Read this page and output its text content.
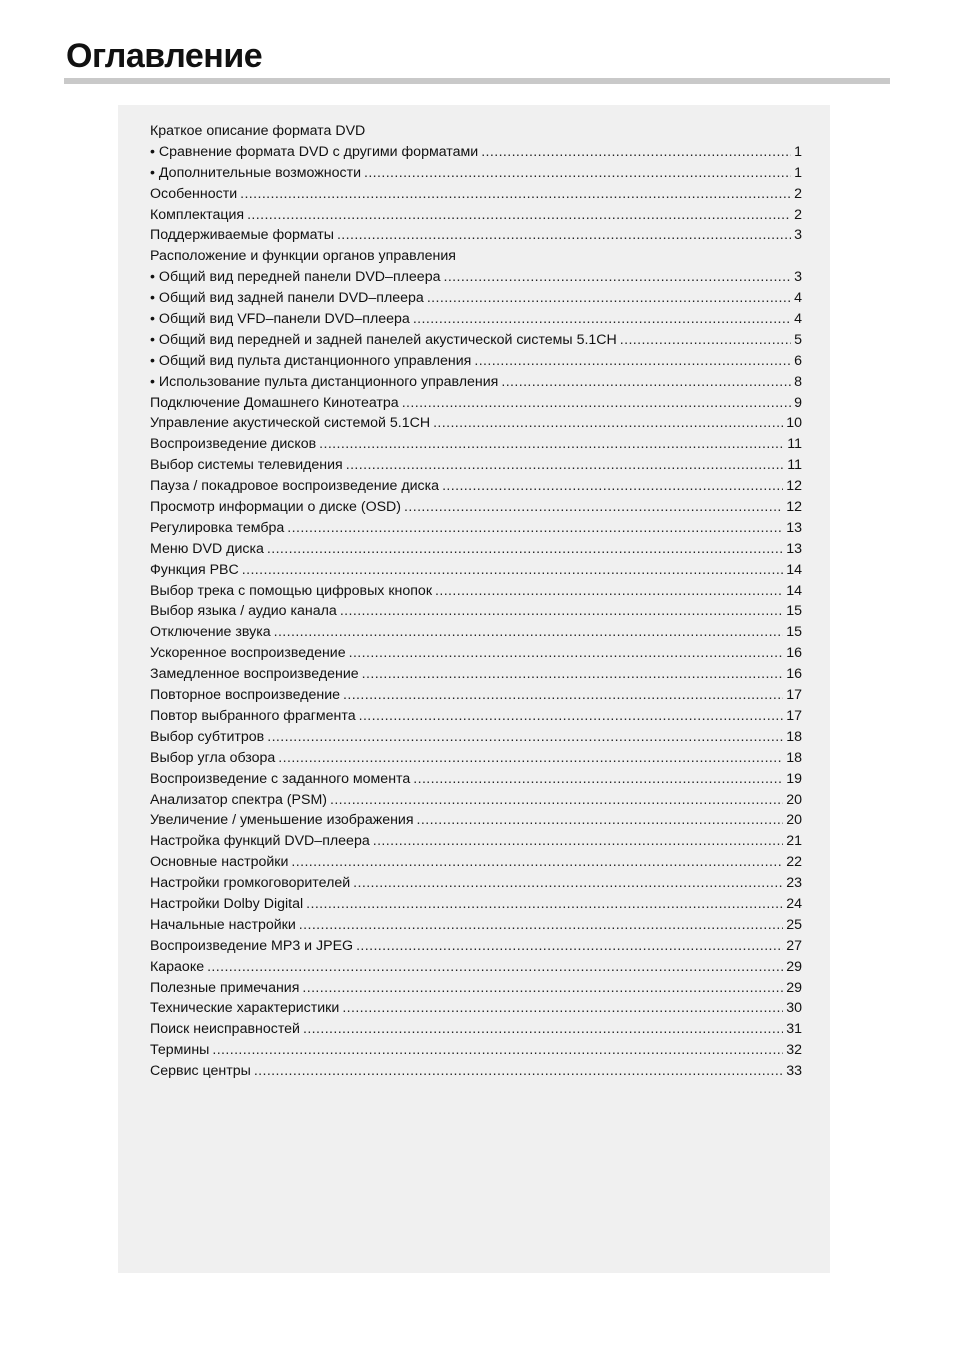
Оглавление
Краткое описание формата DVD
• Сравнение формата DVD с другими форматами .....	1
• Дополнительные возможности .....	1
Особенности .....	2
Комплектация .....	2
Поддерживаемые форматы .....	3
Расположение и функции органов управления
• Общий вид передней панели DVD–плеера .....	3
• Общий вид задней панели DVD–плеера .....	4
• Общий вид VFD–панели DVD–плеера .....	4
• Общий вид передней и задней панелей акустической системы 5.1CH .....	5
• Общий вид пульта дистанционного управления .....	6
• Использование пульта дистанционного управления .....	8
Подключение Домашнего Кинотеатра .....	9
Управление акустической системой 5.1CH .....	10
Воспроизведение дисков .....	11
Выбор системы телевидения .....	11
Пауза / покадровое воспроизведение диска .....	12
Просмотр информации о диске (OSD) .....	12
Регулировка тембра .....	13
Меню DVD диска .....	13
Функция PBC .....	14
Выбор трека с помощью цифровых кнопок .....	14
Выбор языка / аудио канала .....	15
Отключение звука .....	15
Ускоренное воспроизведение .....	16
Замедленное воспроизведение .....	16
Повторное воспроизведение .....	17
Повтор выбранного фрагмента .....	17
Выбор субтитров .....	18
Выбор угла обзора .....	18
Воспроизведение с заданного момента .....	19
Анализатор спектра (PSM) .....	20
Увеличение / уменьшение изображения .....	20
Настройка функций DVD–плеера .....	21
Основные настройки .....	22
Настройки громкоговорителей .....	23
Настройки Dolby Digital .....	24
Начальные настройки .....	25
Воспроизведение MP3 и JPEG .....	27
Караоке .....	29
Полезные примечания .....	29
Технические характеристики .....	30
Поиск неисправностей .....	31
Термины .....	32
Сервис центры .....	33
